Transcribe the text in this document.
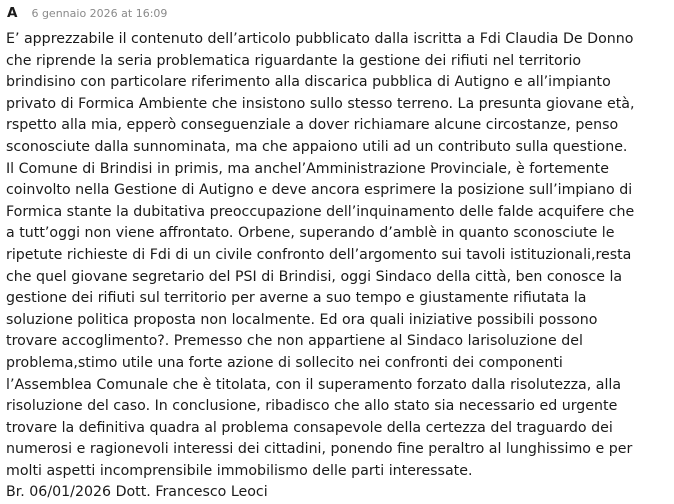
A 6 gennaio 2026 at 16:09
E’ apprezzabile il contenuto dell’articolo pubblicato dalla iscritta a Fdi Claudia De Donno
che riprende la seria problematica riguardante la gestione dei rifiuti nel territorio
brindisino con particolare riferimento alla discarica pubblica di Autigno e all’impianto
privato di Formica Ambiente che insistono sullo stesso terreno. La presunta giovane età,
rspetto alla mia, epperò conseguenziale a dover richiamare alcune circostanze, penso
sconosciute dalla sunnominata, ma che appaiono utili ad un contributo sulla questione.
Il Comune di Brindisi in primis, ma anchel’Amministrazione Provinciale, è fortemente
coinvolto nella Gestione di Autigno e deve ancora esprimere la posizione sull’impiano di
Formica stante la dubitativa preoccupazione dell’inquinamento delle falde acquifere che
a tutt’oggi non viene affrontato. Orbene, superando d’amblè in quanto sconosciute le
ripetute richieste di Fdi di un civile confronto dell’argomento sui tavoli istituzionali,resta
che quel giovane segretario del PSI di Brindisi, oggi Sindaco della città, ben conosce la
gestione dei rifiuti sul territorio per averne a suo tempo e giustamente rifiutata la
soluzione politica proposta non localmente. Ed ora quali iniziative possibili possono
trovare accoglimento?. Premesso che non appartiene al Sindaco larisoluzione del
problema,stimo utile una forte azione di sollecito nei confronti dei componenti
l’Assemblea Comunale che è titolata, con il superamento forzato dalla risolutezza, alla
risoluzione del caso. In conclusione, ribadisco che allo stato sia necessario ed urgente
trovare la definitiva quadra al problema consapevole della certezza del traguardo dei
numerosi e ragionevoli interessi dei cittadini, ponendo fine peraltro al lunghissimo e per
molti aspetti incomprensibile immobilismo delle parti interessate.
Br. 06/01/2026 Dott. Francesco Leoci
